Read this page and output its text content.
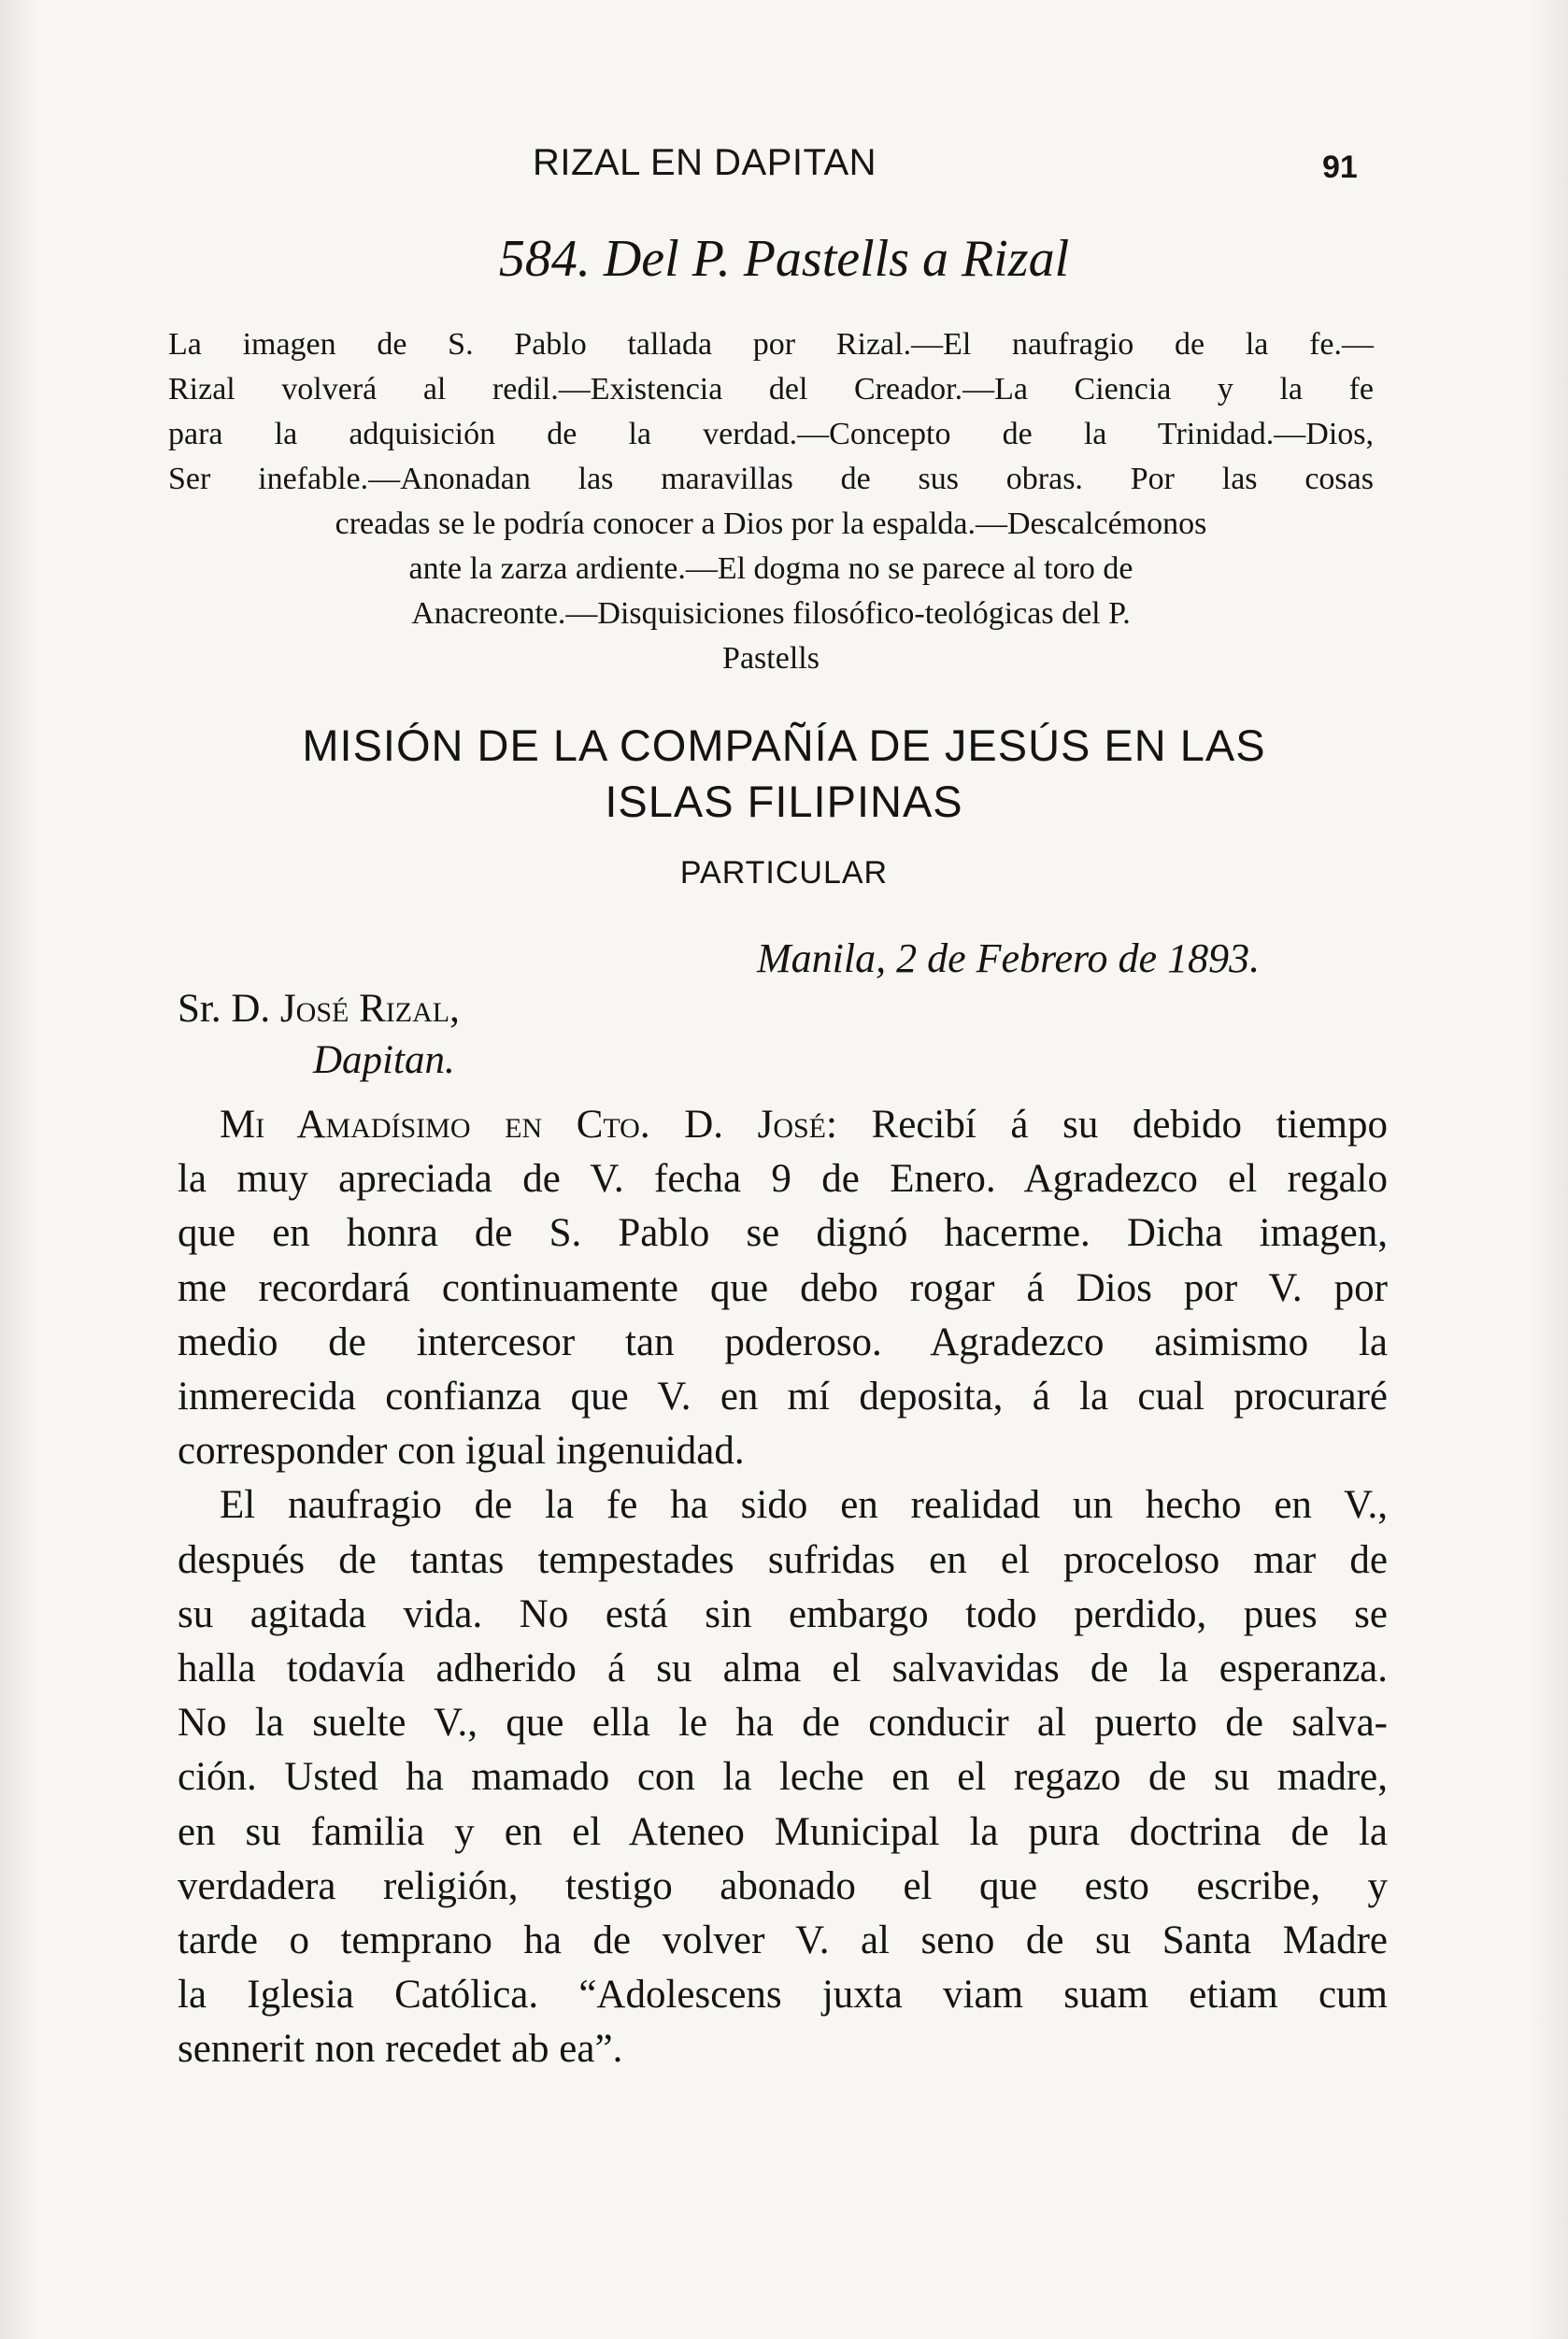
RIZAL EN DAPITAN	91
584. Del P. Pastells a Rizal
La imagen de S. Pablo tallada por Rizal.—El naufragio de la fe.—
Rizal volverá al redil.—Existencia del Creador.—La Ciencia y la fe
para la adquisición de la verdad.—Concepto de la Trinidad.—Dios,
Ser inefable.—Anonadan las maravillas de sus obras. Por las cosas
creadas se le podría conocer a Dios por la espalda.—Descalcémonos
ante la zarza ardiente.—El dogma no se parece al toro de
Anacreonte.—Disquisiciones filosófico-teológicas del P.
Pastells
MISIÓN DE LA COMPAÑÍA DE JESÚS EN LAS
ISLAS FILIPINAS
PARTICULAR
Manila, 2 de Febrero de 1893.
Sr. D. José Rizal,
Dapitan.
Mi Amadísimo en Cto. D. José: Recibí á su debido tiempo
la muy apreciada de V. fecha 9 de Enero. Agradezco el regalo
que en honra de S. Pablo se dignó hacerme. Dicha imagen,
me recordará continuamente que debo rogar á Dios por V. por
medio de intercesor tan poderoso. Agradezco asimismo la
inmerecida confianza que V. en mí deposita, á la cual procuraré
corresponder con igual ingenuidad.
El naufragio de la fe ha sido en realidad un hecho en V.,
después de tantas tempestades sufridas en el proceloso mar de
su agitada vida. No está sin embargo todo perdido, pues se
halla todavía adherido á su alma el salvavidas de la esperanza.
No la suelte V., que ella le ha de conducir al puerto de salva-
ción. Usted ha mamado con la leche en el regazo de su madre,
en su familia y en el Ateneo Municipal la pura doctrina de la
verdadera religión, testigo abonado el que esto escribe, y
tarde o temprano ha de volver V. al seno de su Santa Madre
la Iglesia Católica. “Adolescens juxta viam suam etiam cum
sennerit non recedet ab ea”.
